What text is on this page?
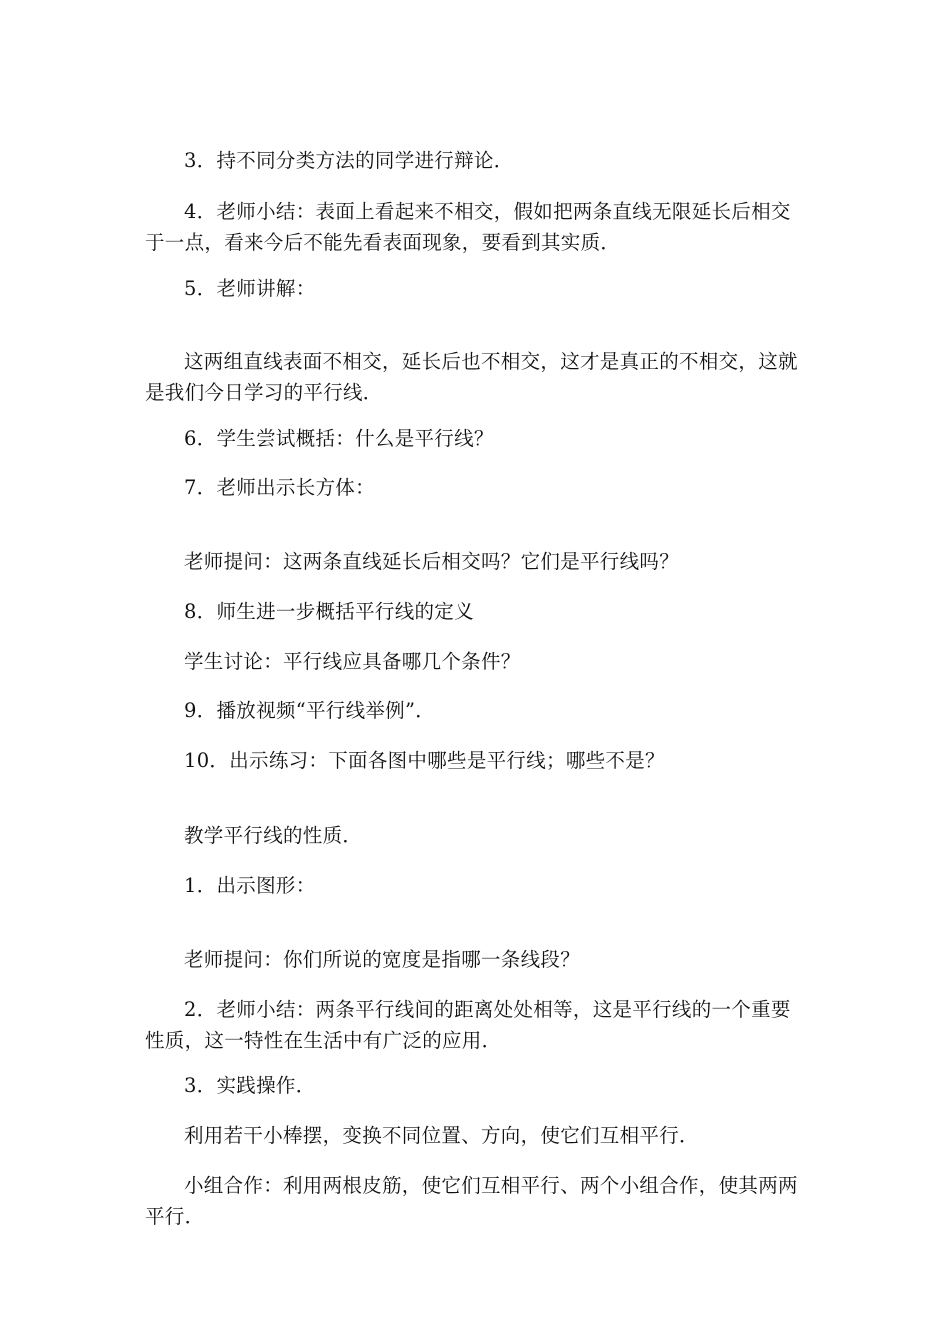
3．持不同分类方法的同学进行辩论．

4．老师小结：表面上看起来不相交，假如把两条直线无限延长后相交于一点，看来今后不能先看表面现象，要看到其实质．

5．老师讲解：

这两组直线表面不相交，延长后也不相交，这才是真正的不相交，这就是我们今日学习的平行线．

6．学生尝试概括：什么是平行线？

7．老师出示长方体：

老师提问：这两条直线延长后相交吗？它们是平行线吗？

8．师生进一步概括平行线的定义

学生讨论：平行线应具备哪几个条件？

9．播放视频“平行线举例”．

10．出示练习：下面各图中哪些是平行线；哪些不是？

教学平行线的性质．

1．出示图形：

老师提问：你们所说的宽度是指哪一条线段？

2．老师小结：两条平行线间的距离处处相等，这是平行线的一个重要性质，这一特性在生活中有广泛的应用．

3．实践操作．

利用若干小棒摆，变换不同位置、方向，使它们互相平行．

小组合作：利用两根皮筋，使它们互相平行、两个小组合作，使其两两平行．
